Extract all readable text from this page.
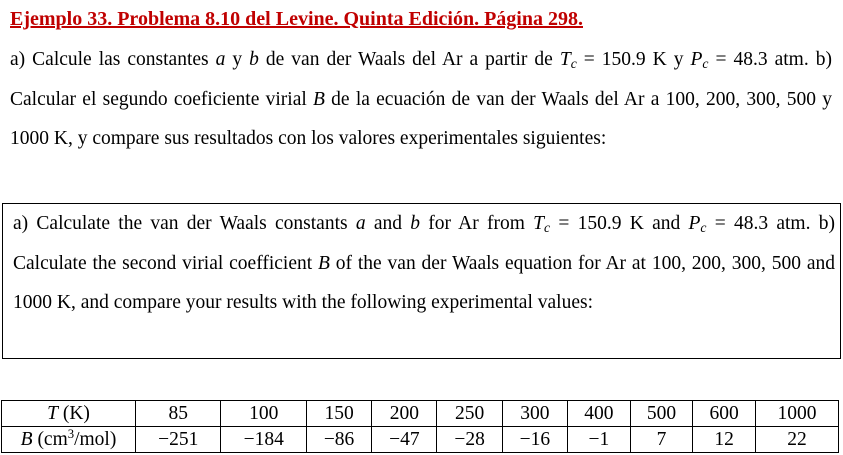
Ejemplo 33. Problema 8.10 del Levine. Quinta Edición. Página 298.
a) Calcule las constantes a y b de van der Waals del Ar a partir de $T_c = 150.9$ K y $P_c = 48.3$ atm. b) Calcular el segundo coeficiente virial B de la ecuación de van der Waals del Ar a 100, 200, 300, 500 y 1000 K, y compare sus resultados con los valores experimentales siguientes:
a) Calculate the van der Waals constants a and b for Ar from $T_c = 150.9$ K and $P_c = 48.3$ atm. b) Calculate the second virial coefficient B of the van der Waals equation for Ar at 100, 200, 300, 500 and 1000 K, and compare your results with the following experimental values:
T (K)	85	100	150	200	250	300	400	500	600	1000
B $(cm^3/mol)$	−251	−184	−86	−47	−28	−16	−1	7	12	22
